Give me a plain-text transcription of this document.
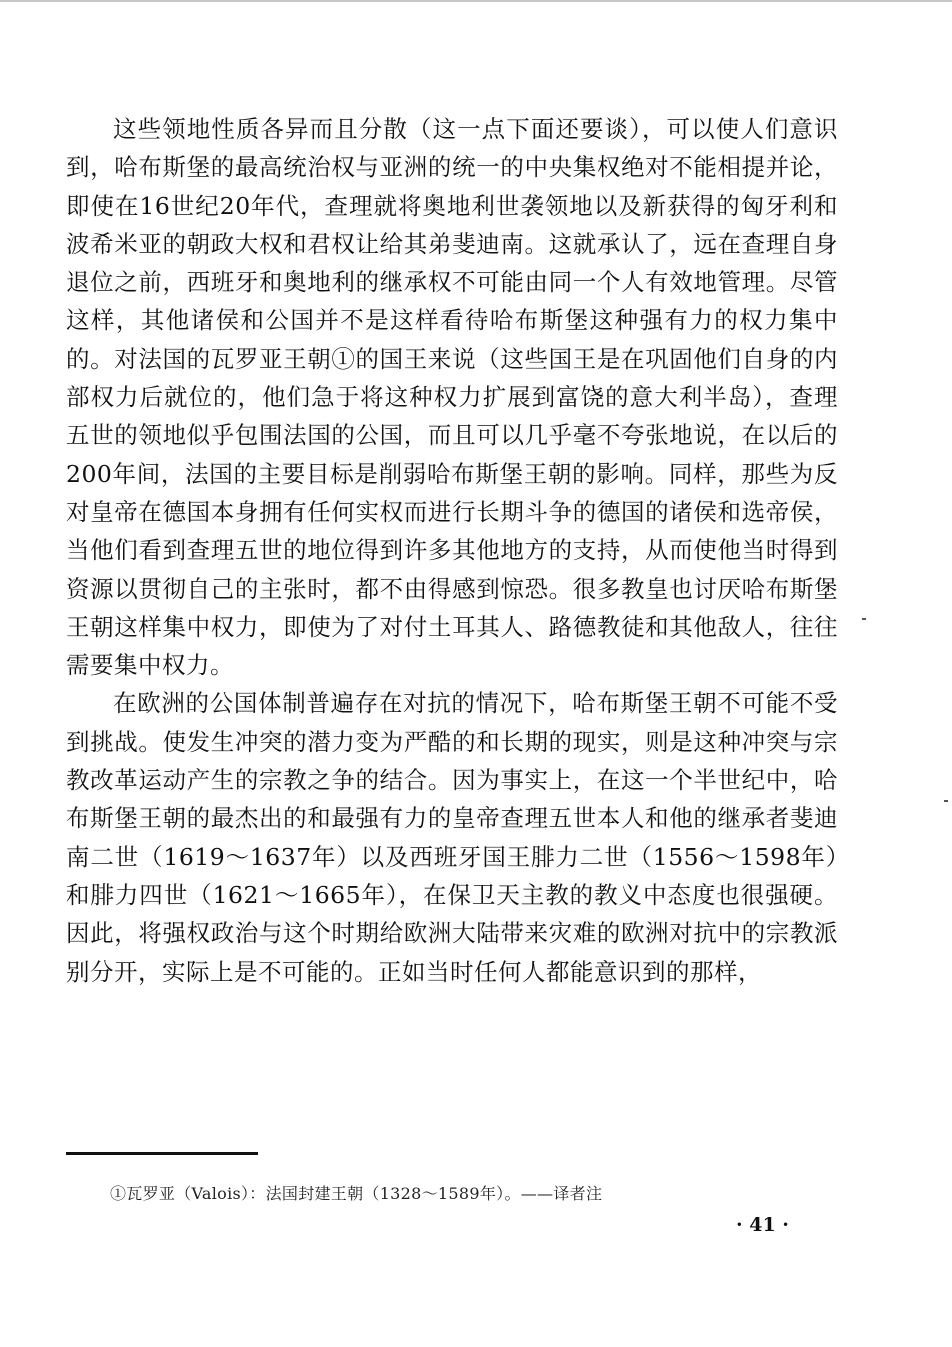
这些领地性质各异而且分散（这一点下面还要谈），可以使人们意识到，哈布斯堡的最高统治权与亚洲的统一的中央集权绝对不能相提并论，即使在16世纪20年代，查理就将奥地利世袭领地以及新获得的匈牙利和波希米亚的朝政大权和君权让给其弟斐迪南。这就承认了，远在查理自身退位之前，西班牙和奥地利的继承权不可能由同一个人有效地管理。尽管这样，其他诸侯和公国并不是这样看待哈布斯堡这种强有力的权力集中的。对法国的瓦罗亚王朝①的国王来说（这些国王是在巩固他们自身的内部权力后就位的，他们急于将这种权力扩展到富饶的意大利半岛），查理五世的领地似乎包围法国的公国，而且可以几乎毫不夸张地说，在以后的200年间，法国的主要目标是削弱哈布斯堡王朝的影响。同样，那些为反对皇帝在德国本身拥有任何实权而进行长期斗争的德国的诸侯和选帝侯，当他们看到查理五世的地位得到许多其他地方的支持，从而使他当时得到资源以贯彻自己的主张时，都不由得感到惊恐。很多教皇也讨厌哈布斯堡王朝这样集中权力，即使为了对付土耳其人、路德教徒和其他敌人，往往需要集中权力。

在欧洲的公国体制普遍存在对抗的情况下，哈布斯堡王朝不可能不受到挑战。使发生冲突的潜力变为严酷的和长期的现实，则是这种冲突与宗教改革运动产生的宗教之争的结合。因为事实上，在这一个半世纪中，哈布斯堡王朝的最杰出的和最强有力的皇帝查理五世本人和他的继承者斐迪南二世（1619～1637年）以及西班牙国王腓力二世（1556～1598年）和腓力四世（1621～1665年），在保卫天主教的教义中态度也很强硬。因此，将强权政治与这个时期给欧洲大陆带来灾难的欧洲对抗中的宗教派别分开，实际上是不可能的。正如当时任何人都能意识到的那样，

①瓦罗亚（Valois）：法国封建王朝（1328～1589年）。——译者注
· 41 ·
